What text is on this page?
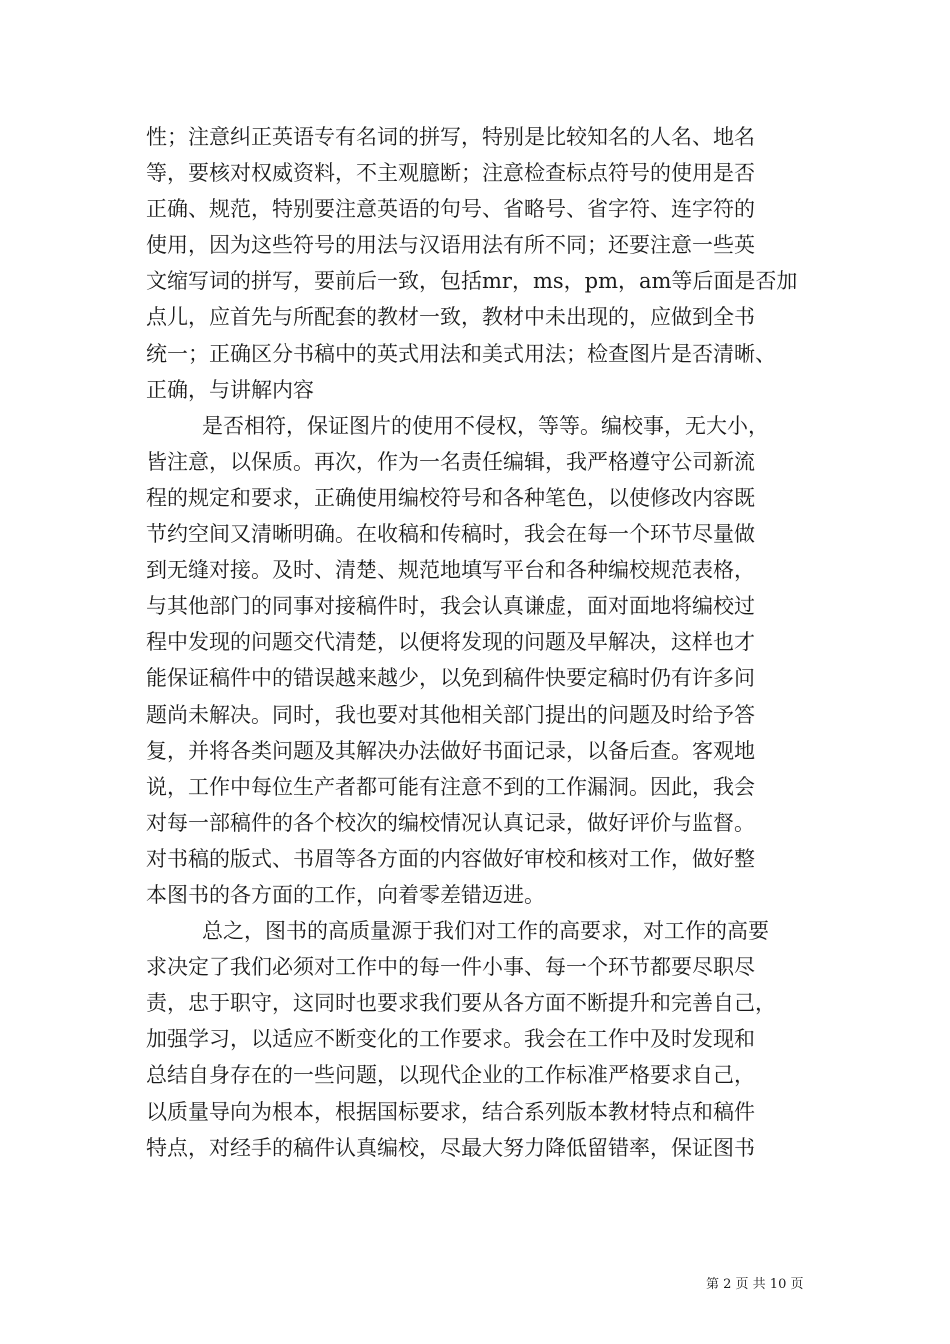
性；注意纠正英语专有名词的拼写，特别是比较知名的人名、地名
等，要核对权威资料，不主观臆断；注意检查标点符号的使用是否
正确、规范，特别要注意英语的句号、省略号、省字符、连字符的
使用，因为这些符号的用法与汉语用法有所不同；还要注意一些英
文缩写词的拼写，要前后一致，包括mr，ms，pm，am等后面是否加
点儿，应首先与所配套的教材一致，教材中未出现的，应做到全书
统一；正确区分书稿中的英式用法和美式用法；检查图片是否清晰、
正确，与讲解内容
是否相符，保证图片的使用不侵权，等等。编校事，无大小，
皆注意，以保质。再次，作为一名责任编辑，我严格遵守公司新流
程的规定和要求，正确使用编校符号和各种笔色，以使修改内容既
节约空间又清晰明确。在收稿和传稿时，我会在每一个环节尽量做
到无缝对接。及时、清楚、规范地填写平台和各种编校规范表格，
与其他部门的同事对接稿件时，我会认真谦虚，面对面地将编校过
程中发现的问题交代清楚，以便将发现的问题及早解决，这样也才
能保证稿件中的错误越来越少，以免到稿件快要定稿时仍有许多问
题尚未解决。同时，我也要对其他相关部门提出的问题及时给予答
复，并将各类问题及其解决办法做好书面记录，以备后查。客观地
说，工作中每位生产者都可能有注意不到的工作漏洞。因此，我会
对每一部稿件的各个校次的编校情况认真记录，做好评价与监督。
对书稿的版式、书眉等各方面的内容做好审校和核对工作，做好整
本图书的各方面的工作，向着零差错迈进。
总之，图书的高质量源于我们对工作的高要求，对工作的高要
求决定了我们必须对工作中的每一件小事、每一个环节都要尽职尽
责，忠于职守，这同时也要求我们要从各方面不断提升和完善自己，
加强学习，以适应不断变化的工作要求。我会在工作中及时发现和
总结自身存在的一些问题，以现代企业的工作标准严格要求自己，
以质量导向为根本，根据国标要求，结合系列版本教材特点和稿件
特点，对经手的稿件认真编校，尽最大努力降低留错率，保证图书
第 2 页 共 10 页
